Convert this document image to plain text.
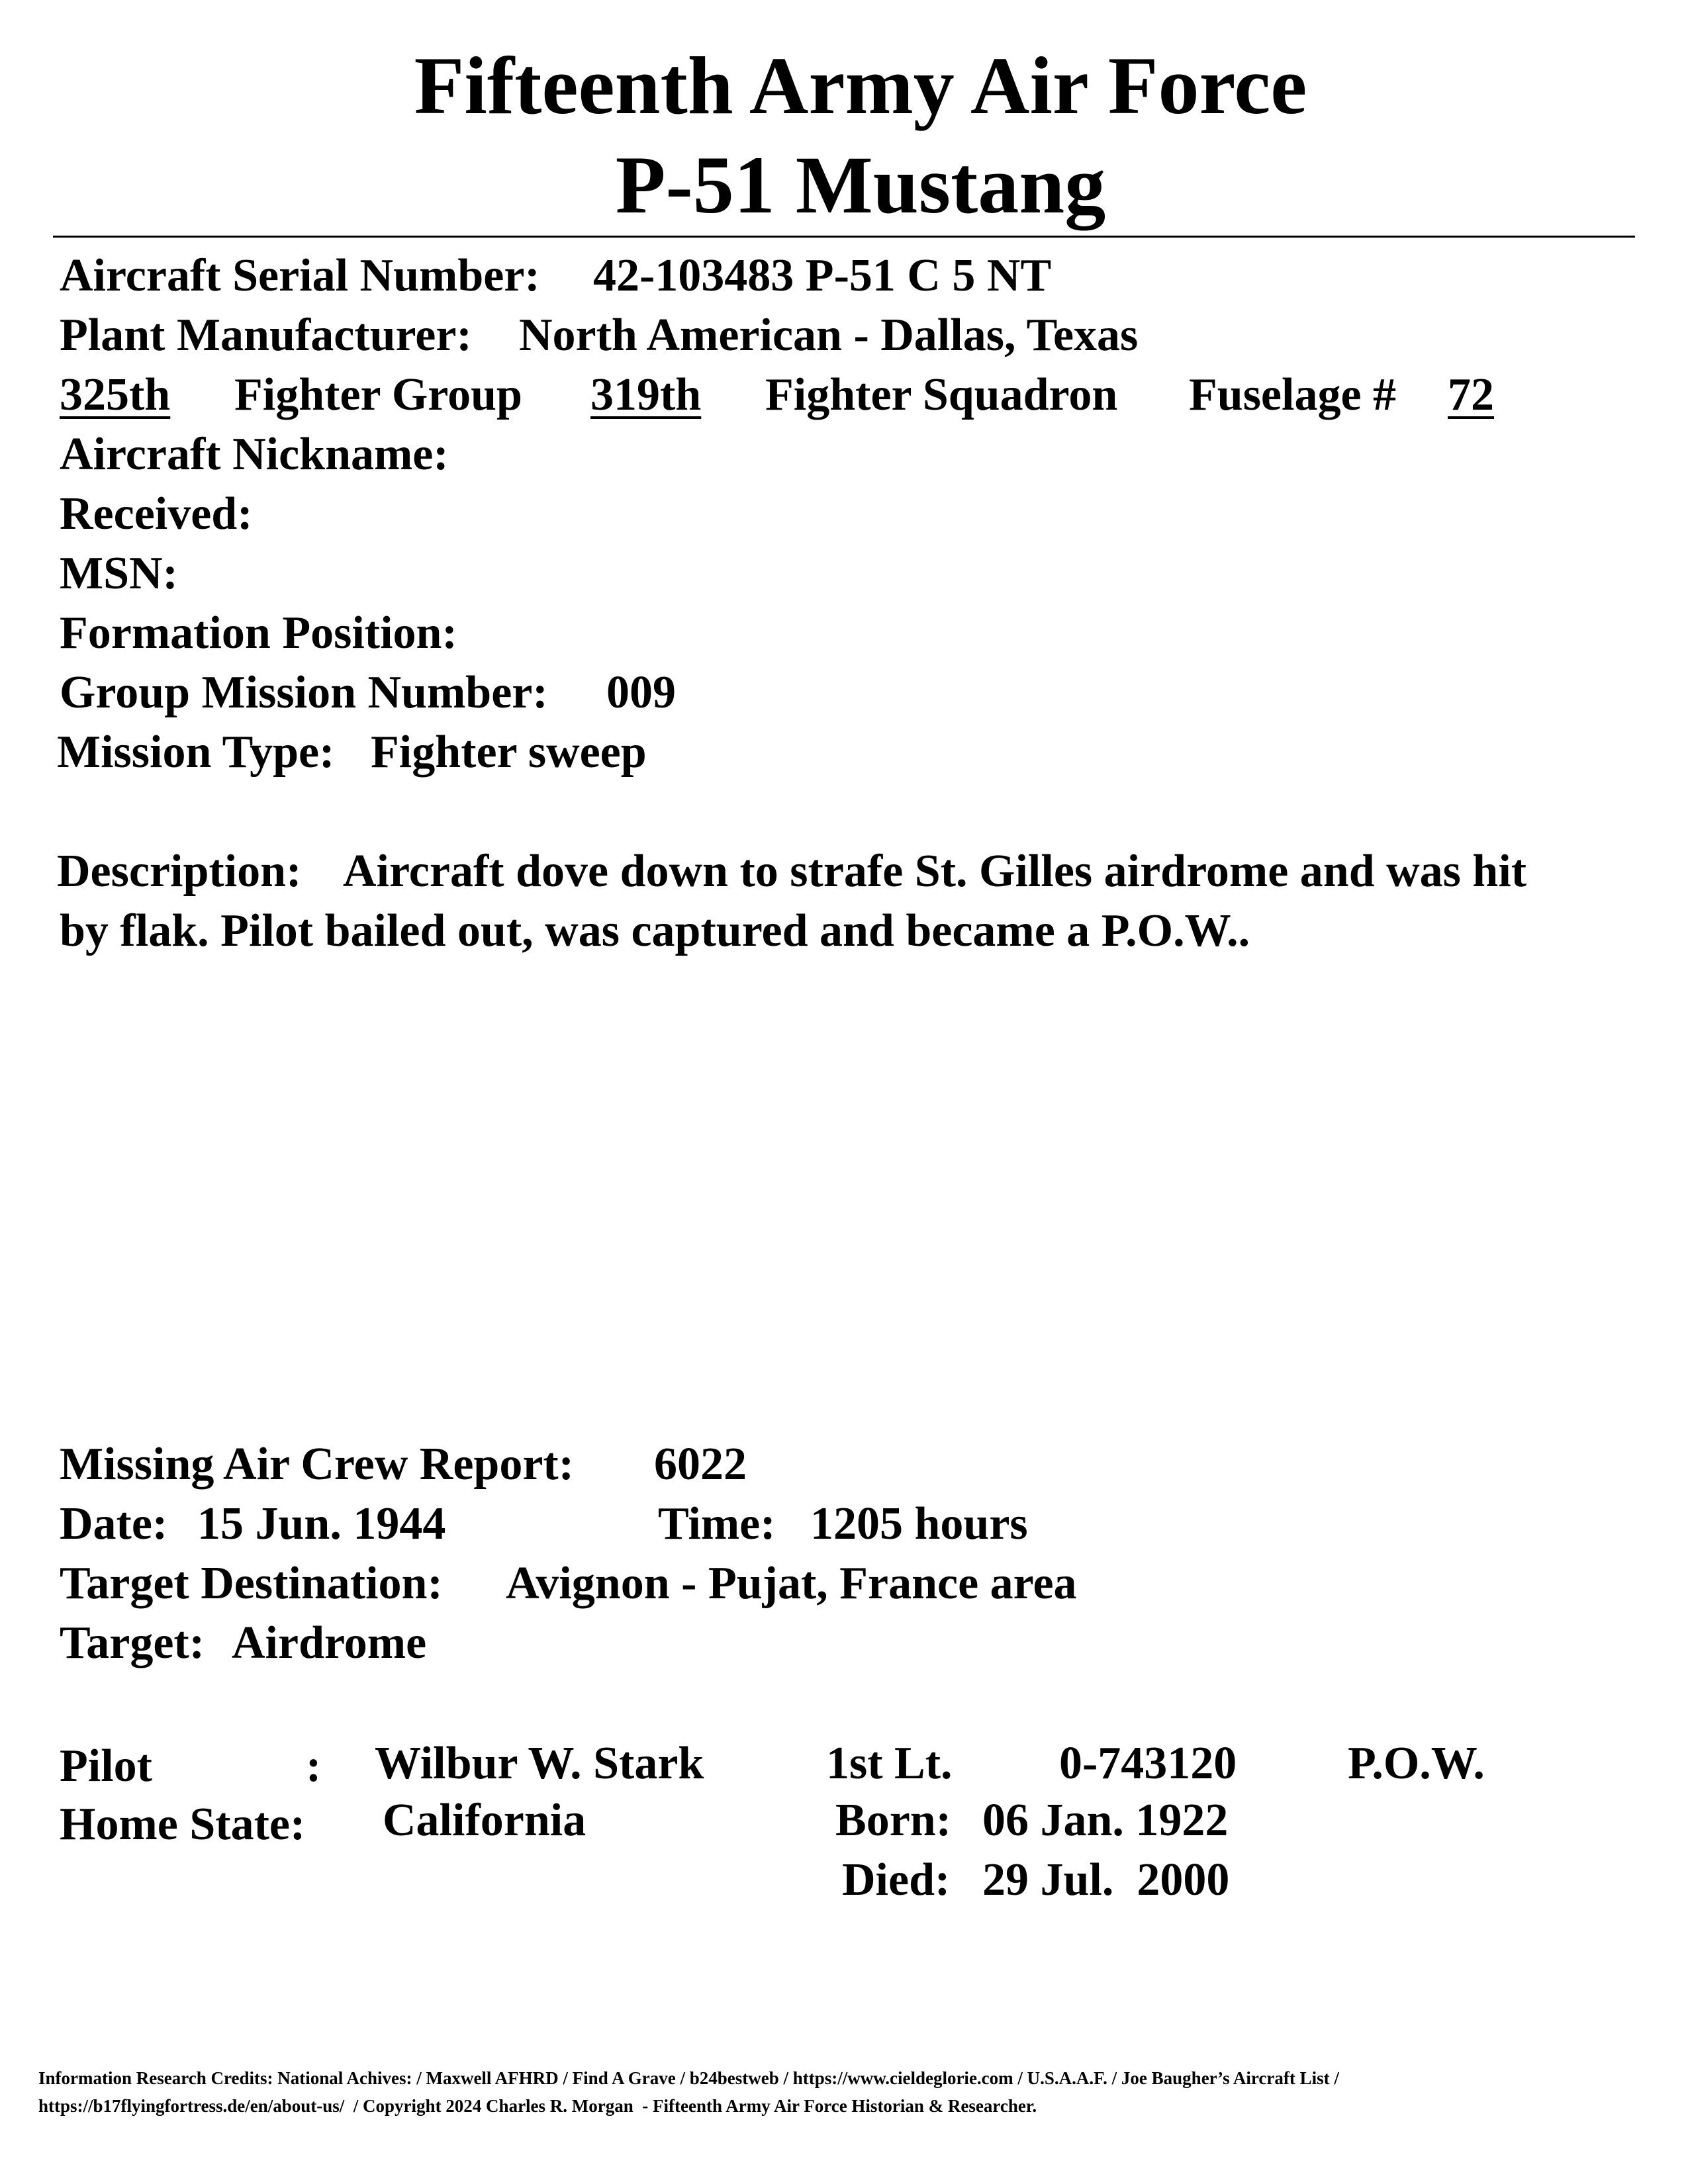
Fifteenth Army Air Force
P-51 Mustang
Aircraft Serial Number: 42-103483 P-51 C 5 NT
Plant Manufacturer: North American - Dallas, Texas
325th	Fighter Group 319th	Fighter Squadron Fuselage #	72
Aircraft Nickname:
Received:
MSN:
Formation Position:
Group Mission Number: 009
Mission Type: Fighter sweep
Description: Aircraft dove down to strafe St. Gilles airdrome and was hit
by flak. Pilot bailed out, was captured and became a P.O.W..
Missing Air Crew Report: 6022
Date: 15 Jun. 1944	Time: 1205 hours
Target Destination: Avignon - Pujat, France area
Target: Airdrome
Pilot	: Wilbur W. Stark	1st Lt. 0-743120 P.O.W.
Home State: California	Born: 06 Jan. 1922
Died: 29 Jul.  2000
Information Research Credits: National Achives: / Maxwell AFHRD / Find A Grave / b24bestweb / https://www.cieldeglorie.com / U.S.A.A.F. / Joe Baugher’s Aircraft List /
https://b17flyingfortress.de/en/about-us/  / Copyright 2024 Charles R. Morgan  - Fifteenth Army Air Force Historian & Researcher.
